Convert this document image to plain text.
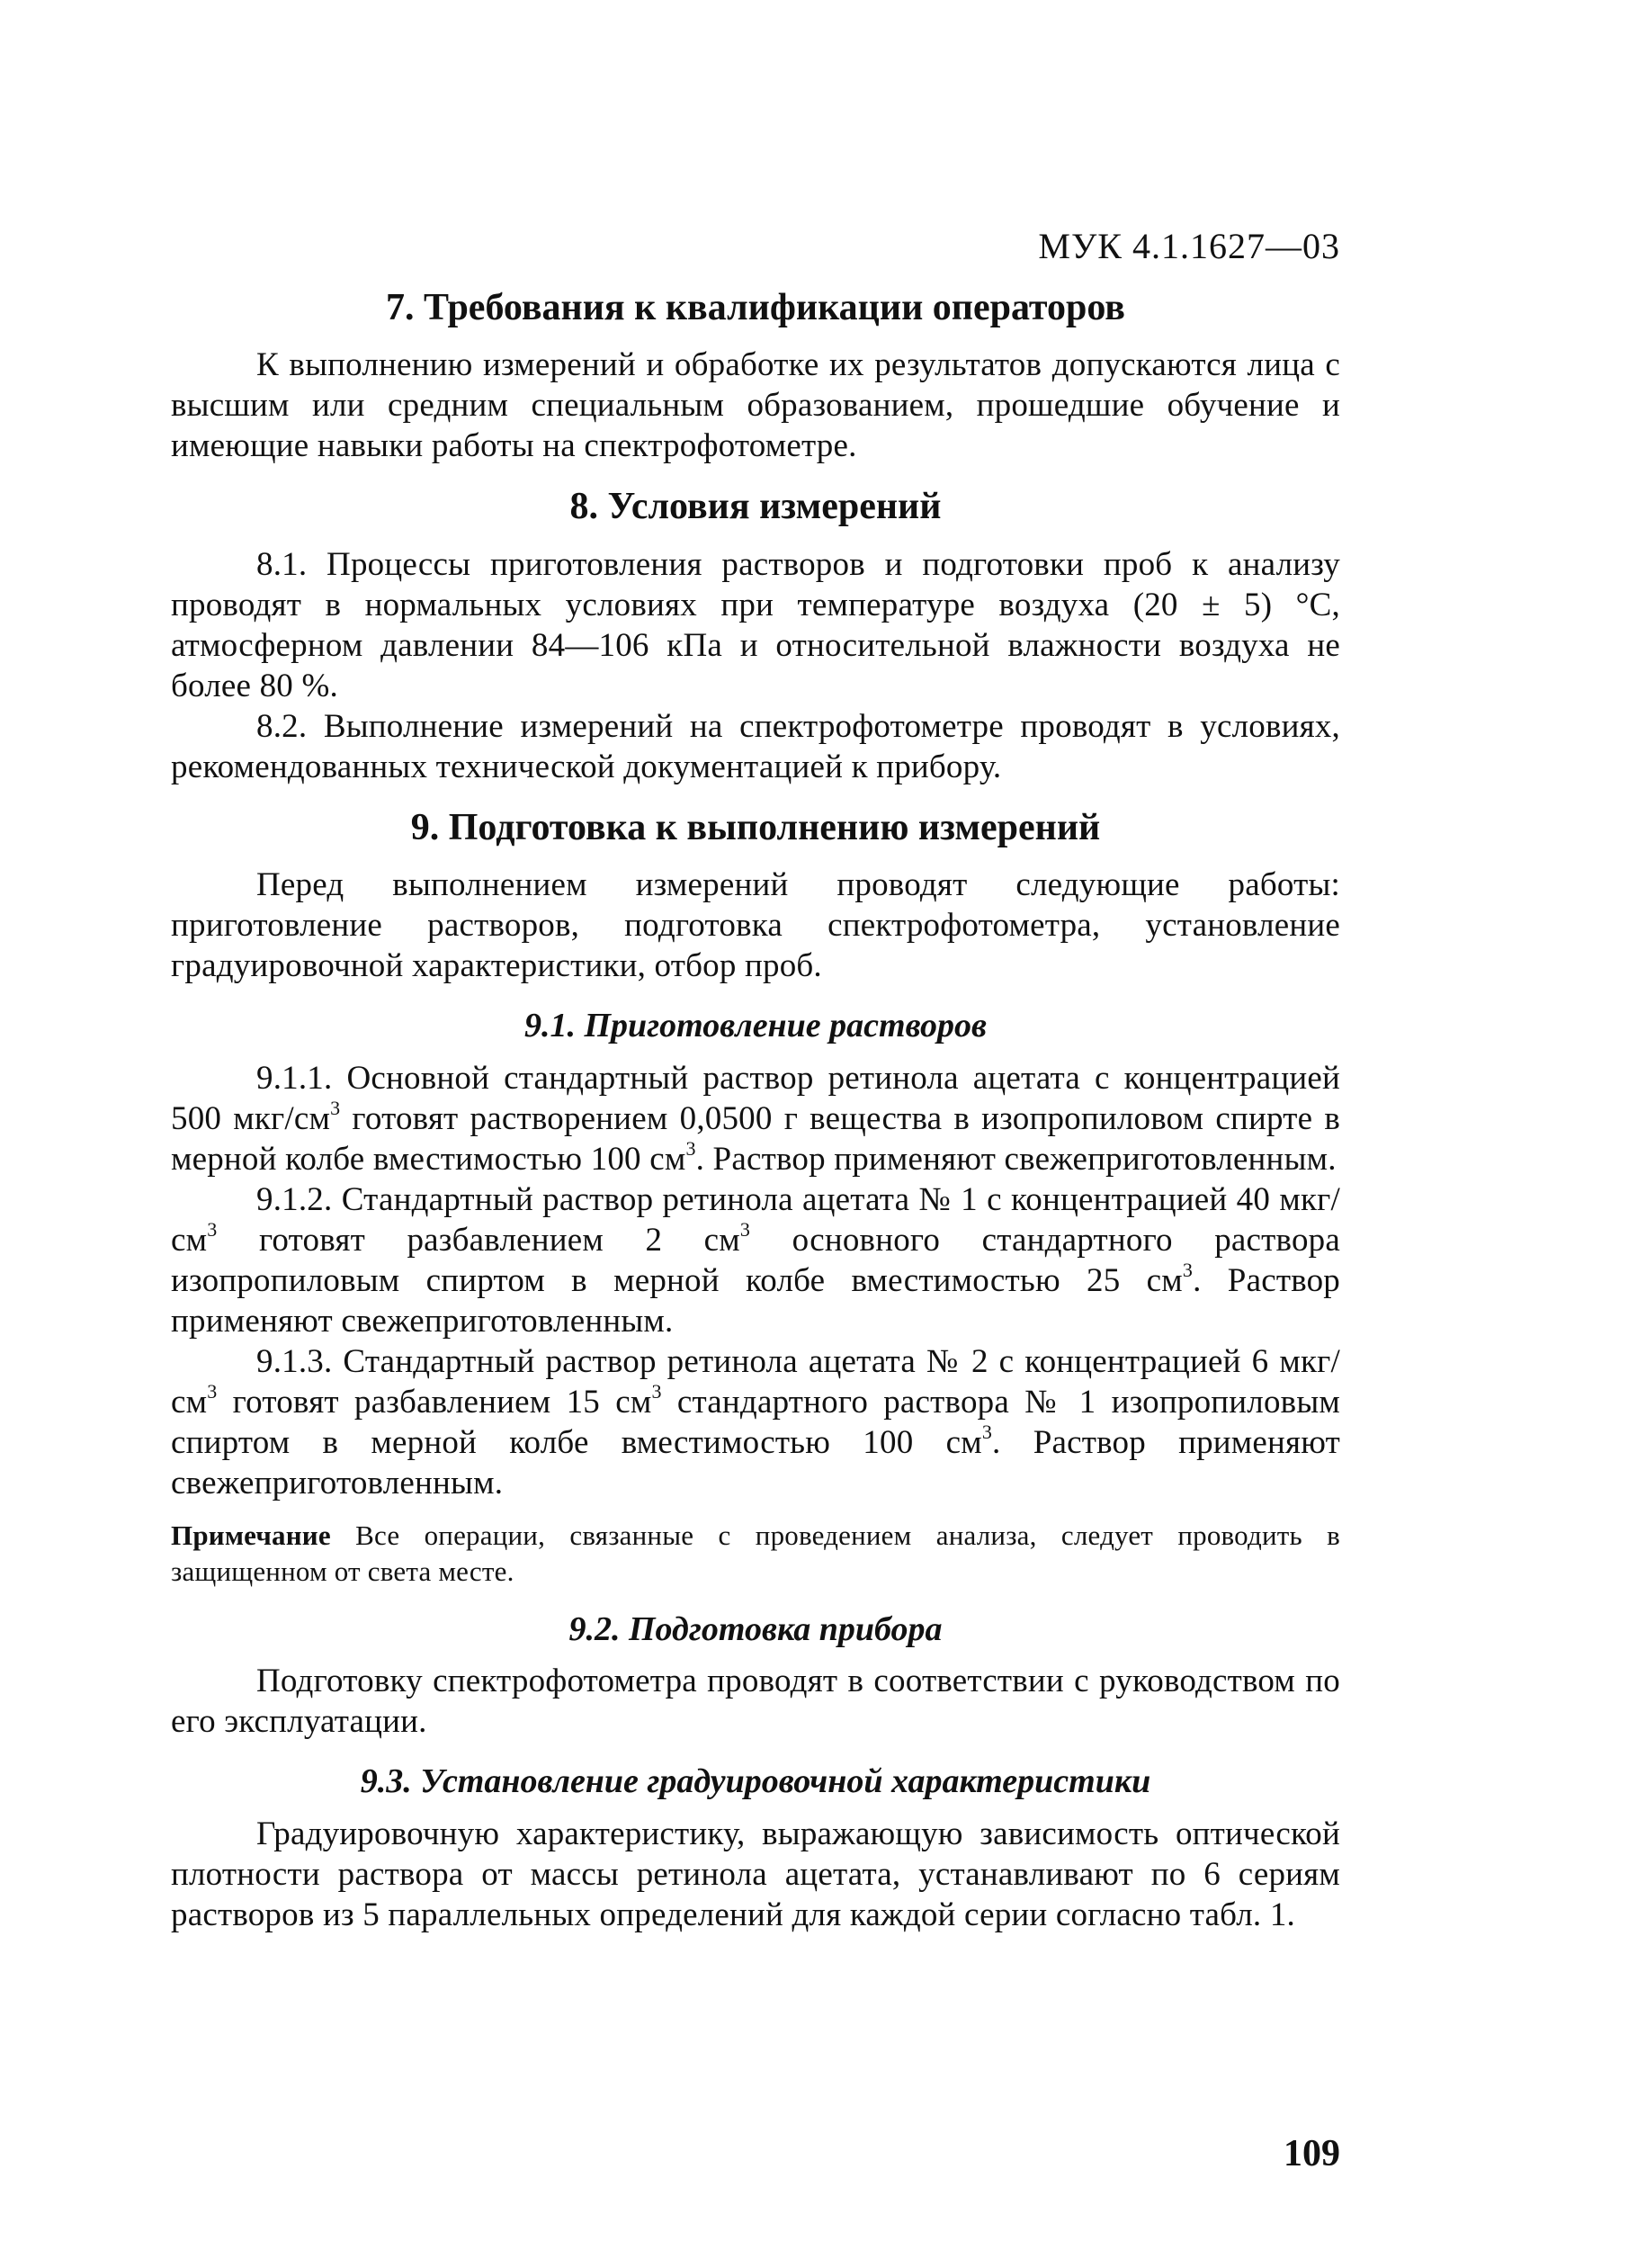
МУК 4.1.1627—03
7. Требования к квалификации операторов

К выполнению измерений и обработке их результатов допускаются лица с высшим или средним специальным образованием, прошедшие обучение и имеющие навыки работы на спектрофотометре.

8. Условия измерений

8.1. Процессы приготовления растворов и подготовки проб к анализу проводят в нормальных условиях при температуре воздуха (20 ± 5) °С, атмосферном давлении 84—106 кПа и относительной влажности воздуха не более 80 %.

8.2. Выполнение измерений на спектрофотометре проводят в условиях, рекомендованных технической документацией к прибору.

9. Подготовка к выполнению измерений

Перед выполнением измерений проводят следующие работы: приготовление растворов, подготовка спектрофотометра, установление градуировочной характеристики, отбор проб.

9.1. Приготовление растворов

9.1.1. Основной стандартный раствор ретинола ацетата с концентрацией 500 мкг/$см^3$ готовят растворением 0,0500 г вещества в изопропиловом спирте в мерной колбе вместимостью 100 $см^3$. Раствор применяют свежеприготовленным.

9.1.2. Стандартный раствор ретинола ацетата № 1 с концентрацией 40 мкг/$см^3$ готовят разбавлением 2 $см^3$ основного стандартного раствора изопропиловым спиртом в мерной колбе вместимостью 25 $см^3$. Раствор применяют свежеприготовленным.

9.1.3. Стандартный раствор ретинола ацетата № 2 с концентрацией 6 мкг/$см^3$ готовят разбавлением 15 $см^3$ стандартного раствора № 1 изопропиловым спиртом в мерной колбе вместимостью 100 $см^3$. Раствор применяют свежеприготовленным.

Примечание Все операции, связанные с проведением анализа, следует проводить в защищенном от света месте.

9.2. Подготовка прибора

Подготовку спектрофотометра проводят в соответствии с руководством по его эксплуатации.

9.3. Установление градуировочной характеристики

Градуировочную характеристику, выражающую зависимость оптической плотности раствора от массы ретинола ацетата, устанавливают по 6 сериям растворов из 5 параллельных определений для каждой серии согласно табл. 1.

109
